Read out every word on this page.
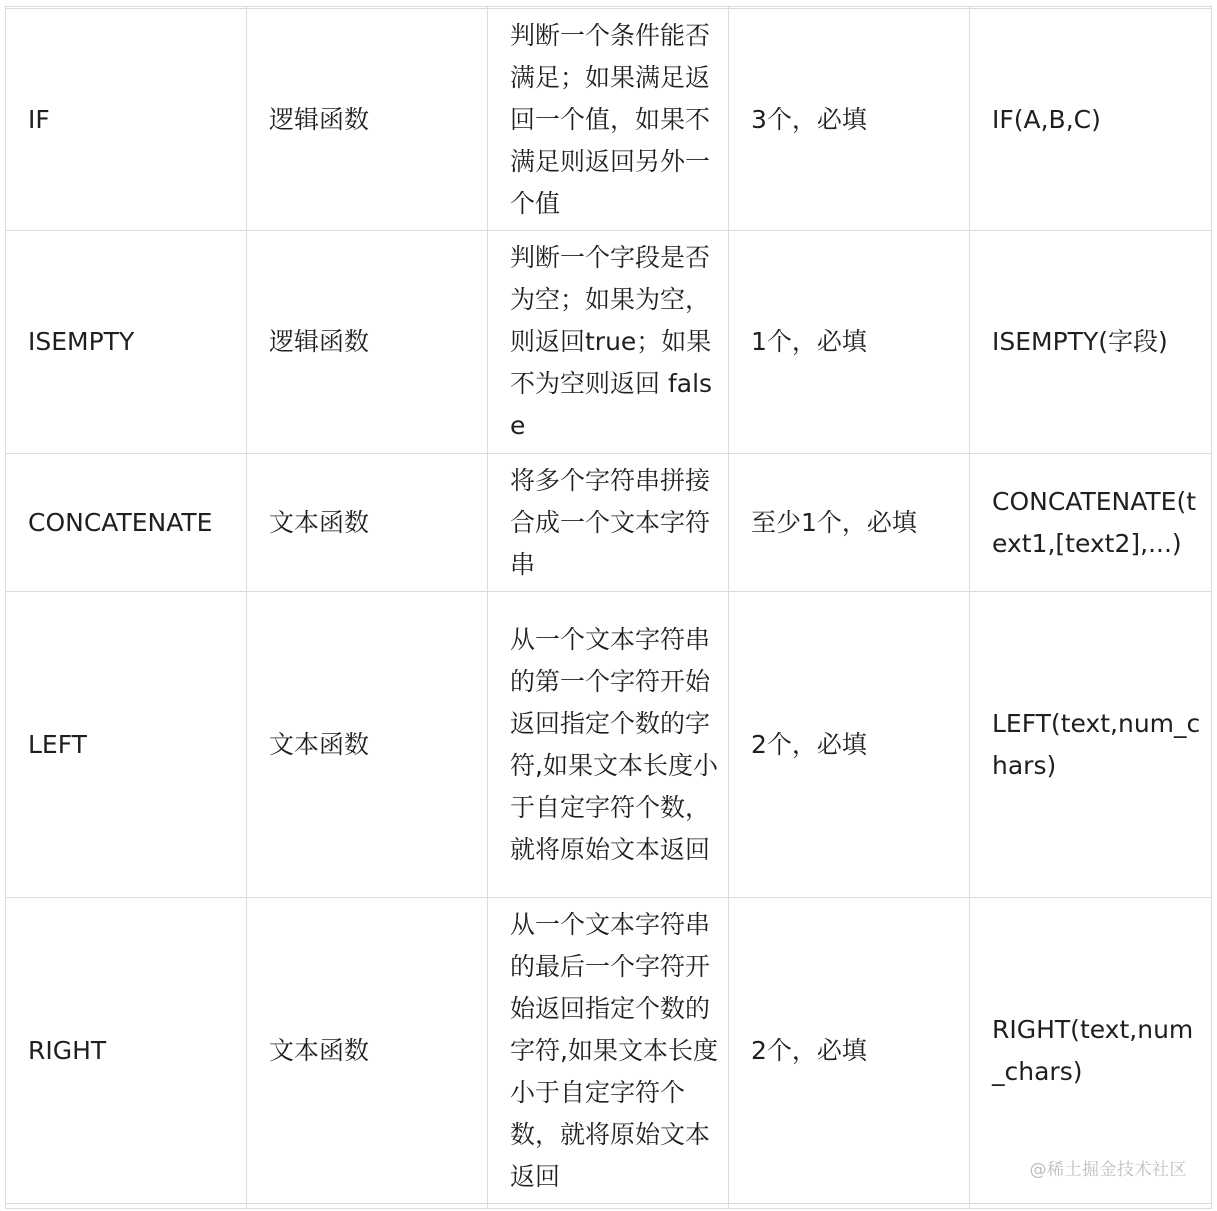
IF	逻辑函数	判断一个条件能否满足；如果满足返回一个值，如果不满足则返回另外一个值	3个，必填	IF(A,B,C)
ISEMPTY	逻辑函数	判断一个字段是否为空；如果为空，则返回true；如果不为空则返回 false	1个，必填	ISEMPTY(字段)
CONCATENATE	文本函数	将多个字符串拼接合成一个文本字符串	至少1个，必填	CONCATENATE(text1,[text2],...)
LEFT	文本函数	从一个文本字符串的第一个字符开始返回指定个数的字符,如果文本长度小于自定字符个数，就将原始文本返回	2个，必填	LEFT(text,num_chars)
RIGHT	文本函数	从一个文本字符串的最后一个字符开始返回指定个数的字符,如果文本长度小于自定字符个数，就将原始文本返回	2个，必填	RIGHT(text,num_chars)

@稀土掘金技术社区
